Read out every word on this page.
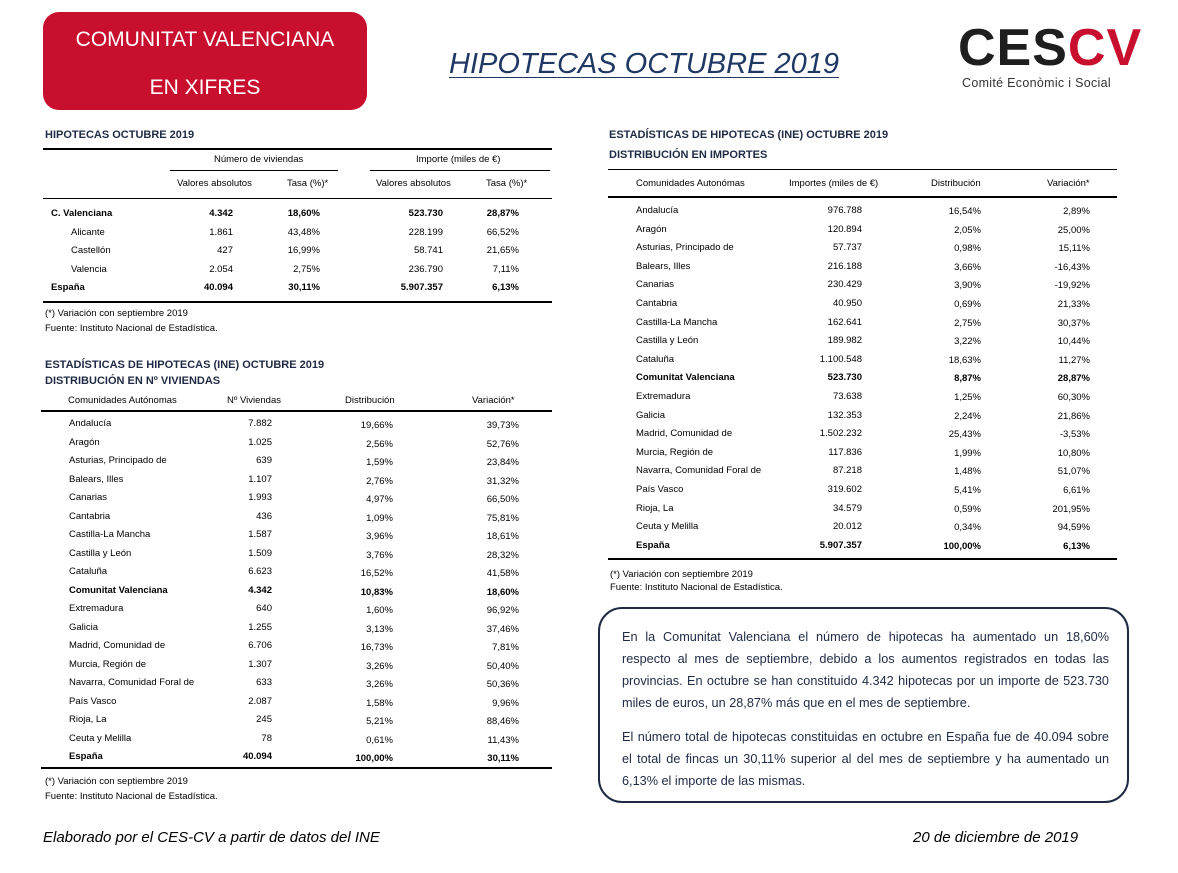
COMUNITAT VALENCIANA
EN XIFRES
HIPOTECAS OCTUBRE 2019 CESCV
Comité Econòmic i Social
HIPOTECAS OCTUBRE 2019
Número de viviendas	Importe (miles de €)
Valores absolutos	Tasa (%)*	Valores absolutos	Tasa (%)*
C. Valenciana	4.342	18,60%	523.730	28,87%
Alicante	1.861	43,48%	228.199	66,52%
Castellón	427	16,99%	58.741	21,65%
Valencia	2.054	2,75%	236.790	7,11%
España	40.094	30,11%	5.907.357	6,13%
(*) Variación con septiembre 2019
Fuente: Instituto Nacional de Estadística.
ESTADÍSTICAS DE HIPOTECAS (INE) OCTUBRE 2019
DISTRIBUCIÓN EN Nº VIVIENDAS
Comunidades Autónomas	Nº Viviendas	Distribución	Variación*
Andalucía	7.882	19,66%	39,73%
Aragón	1.025	2,56%	52,76%
Asturias, Principado de	639	1,59%	23,84%
Balears, Illes	1.107	2,76%	31,32%
Canarias	1.993	4,97%	66,50%
Cantabria	436	1,09%	75,81%
Castilla-La Mancha	1.587	3,96%	18,61%
Castilla y León	1.509	3,76%	28,32%
Cataluña	6.623	16,52%	41,58%
Comunitat Valenciana	4.342	10,83%	18,60%
Extremadura	640	1,60%	96,92%
Galicia	1.255	3,13%	37,46%
Madrid, Comunidad de	6.706	16,73%	7,81%
Murcia, Región de	1.307	3,26%	50,40%
Navarra, Comunidad Foral de	633	3,26%	50,36%
País Vasco	2.087	1,58%	9,96%
Rioja, La	245	5,21%	88,46%
Ceuta y Melilla	78	0,61%	11,43%
España	40.094	100,00%	30,11%
(*) Variación con septiembre 2019
Fuente: Instituto Nacional de Estadística.
ESTADÍSTICAS DE HIPOTECAS (INE) OCTUBRE 2019
DISTRIBUCIÓN EN IMPORTES
Comunidades Autonómas	Importes (miles de €)	Distribución	Variación*
Andalucía	976.788	16,54%	2,89%
Aragón	120.894	2,05%	25,00%
Asturias, Principado de	57.737	0,98%	15,11%
Balears, Illes	216.188	3,66%	-16,43%
Canarias	230.429	3,90%	-19,92%
Cantabria	40.950	0,69%	21,33%
Castilla-La Mancha	162.641	2,75%	30,37%
Castilla y León	189.982	3,22%	10,44%
Cataluña	1.100.548	18,63%	11,27%
Comunitat Valenciana	523.730	8,87%	28,87%
Extremadura	73.638	1,25%	60,30%
Galicia	132.353	2,24%	21,86%
Madrid, Comunidad de	1.502.232	25,43%	-3,53%
Murcia, Región de	117.836	1,99%	10,80%
Navarra, Comunidad Foral de	87.218	1,48%	51,07%
País Vasco	319.602	5,41%	6,61%
Rioja, La	34.579	0,59%	201,95%
Ceuta y Melilla	20.012	0,34%	94,59%
España	5.907.357	100,00%	6,13%
(*) Variación con septiembre 2019
Fuente: Instituto Nacional de Estadística.

En la Comunitat Valenciana el número de hipotecas ha aumentado un 18,60% respecto al mes de septiembre, debido a los aumentos registrados en todas las provincias. En octubre se han constituido 4.342 hipotecas por un importe de 523.730 miles de euros, un 28,87% más que en el mes de septiembre.

El número total de hipotecas constituidas en octubre en España fue de 40.094 sobre el total de fincas un 30,11% superior al del mes de septiembre y ha aumentado un 6,13% el importe de las mismas.

Elaborado por el CES-CV a partir de datos del INE	20 de diciembre de 2019
